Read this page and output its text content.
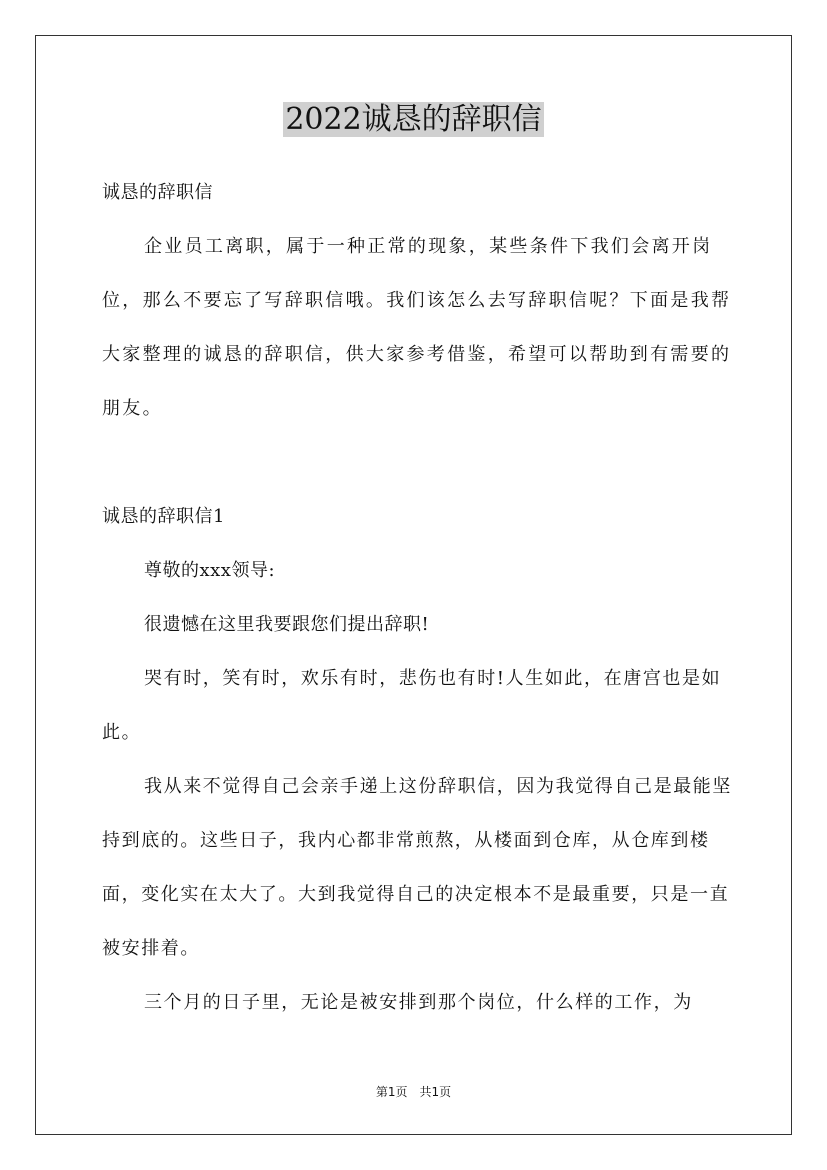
2022诚恳的辞职信
诚恳的辞职信
企业员工离职，属于一种正常的现象，某些条件下我们会离开岗位，那么不要忘了写辞职信哦。我们该怎么去写辞职信呢？下面是我帮大家整理的诚恳的辞职信，供大家参考借鉴，希望可以帮助到有需要的朋友。
诚恳的辞职信1
尊敬的xxx领导:
很遗憾在这里我要跟您们提出辞职!
哭有时，笑有时，欢乐有时，悲伤也有时!人生如此，在唐宫也是如此。
我从来不觉得自己会亲手递上这份辞职信，因为我觉得自己是最能坚持到底的。这些日子，我内心都非常煎熬，从楼面到仓库，从仓库到楼面，变化实在太大了。大到我觉得自己的决定根本不是最重要，只是一直被安排着。
三个月的日子里，无论是被安排到那个岗位，什么样的工作，为
第1页 共1页
